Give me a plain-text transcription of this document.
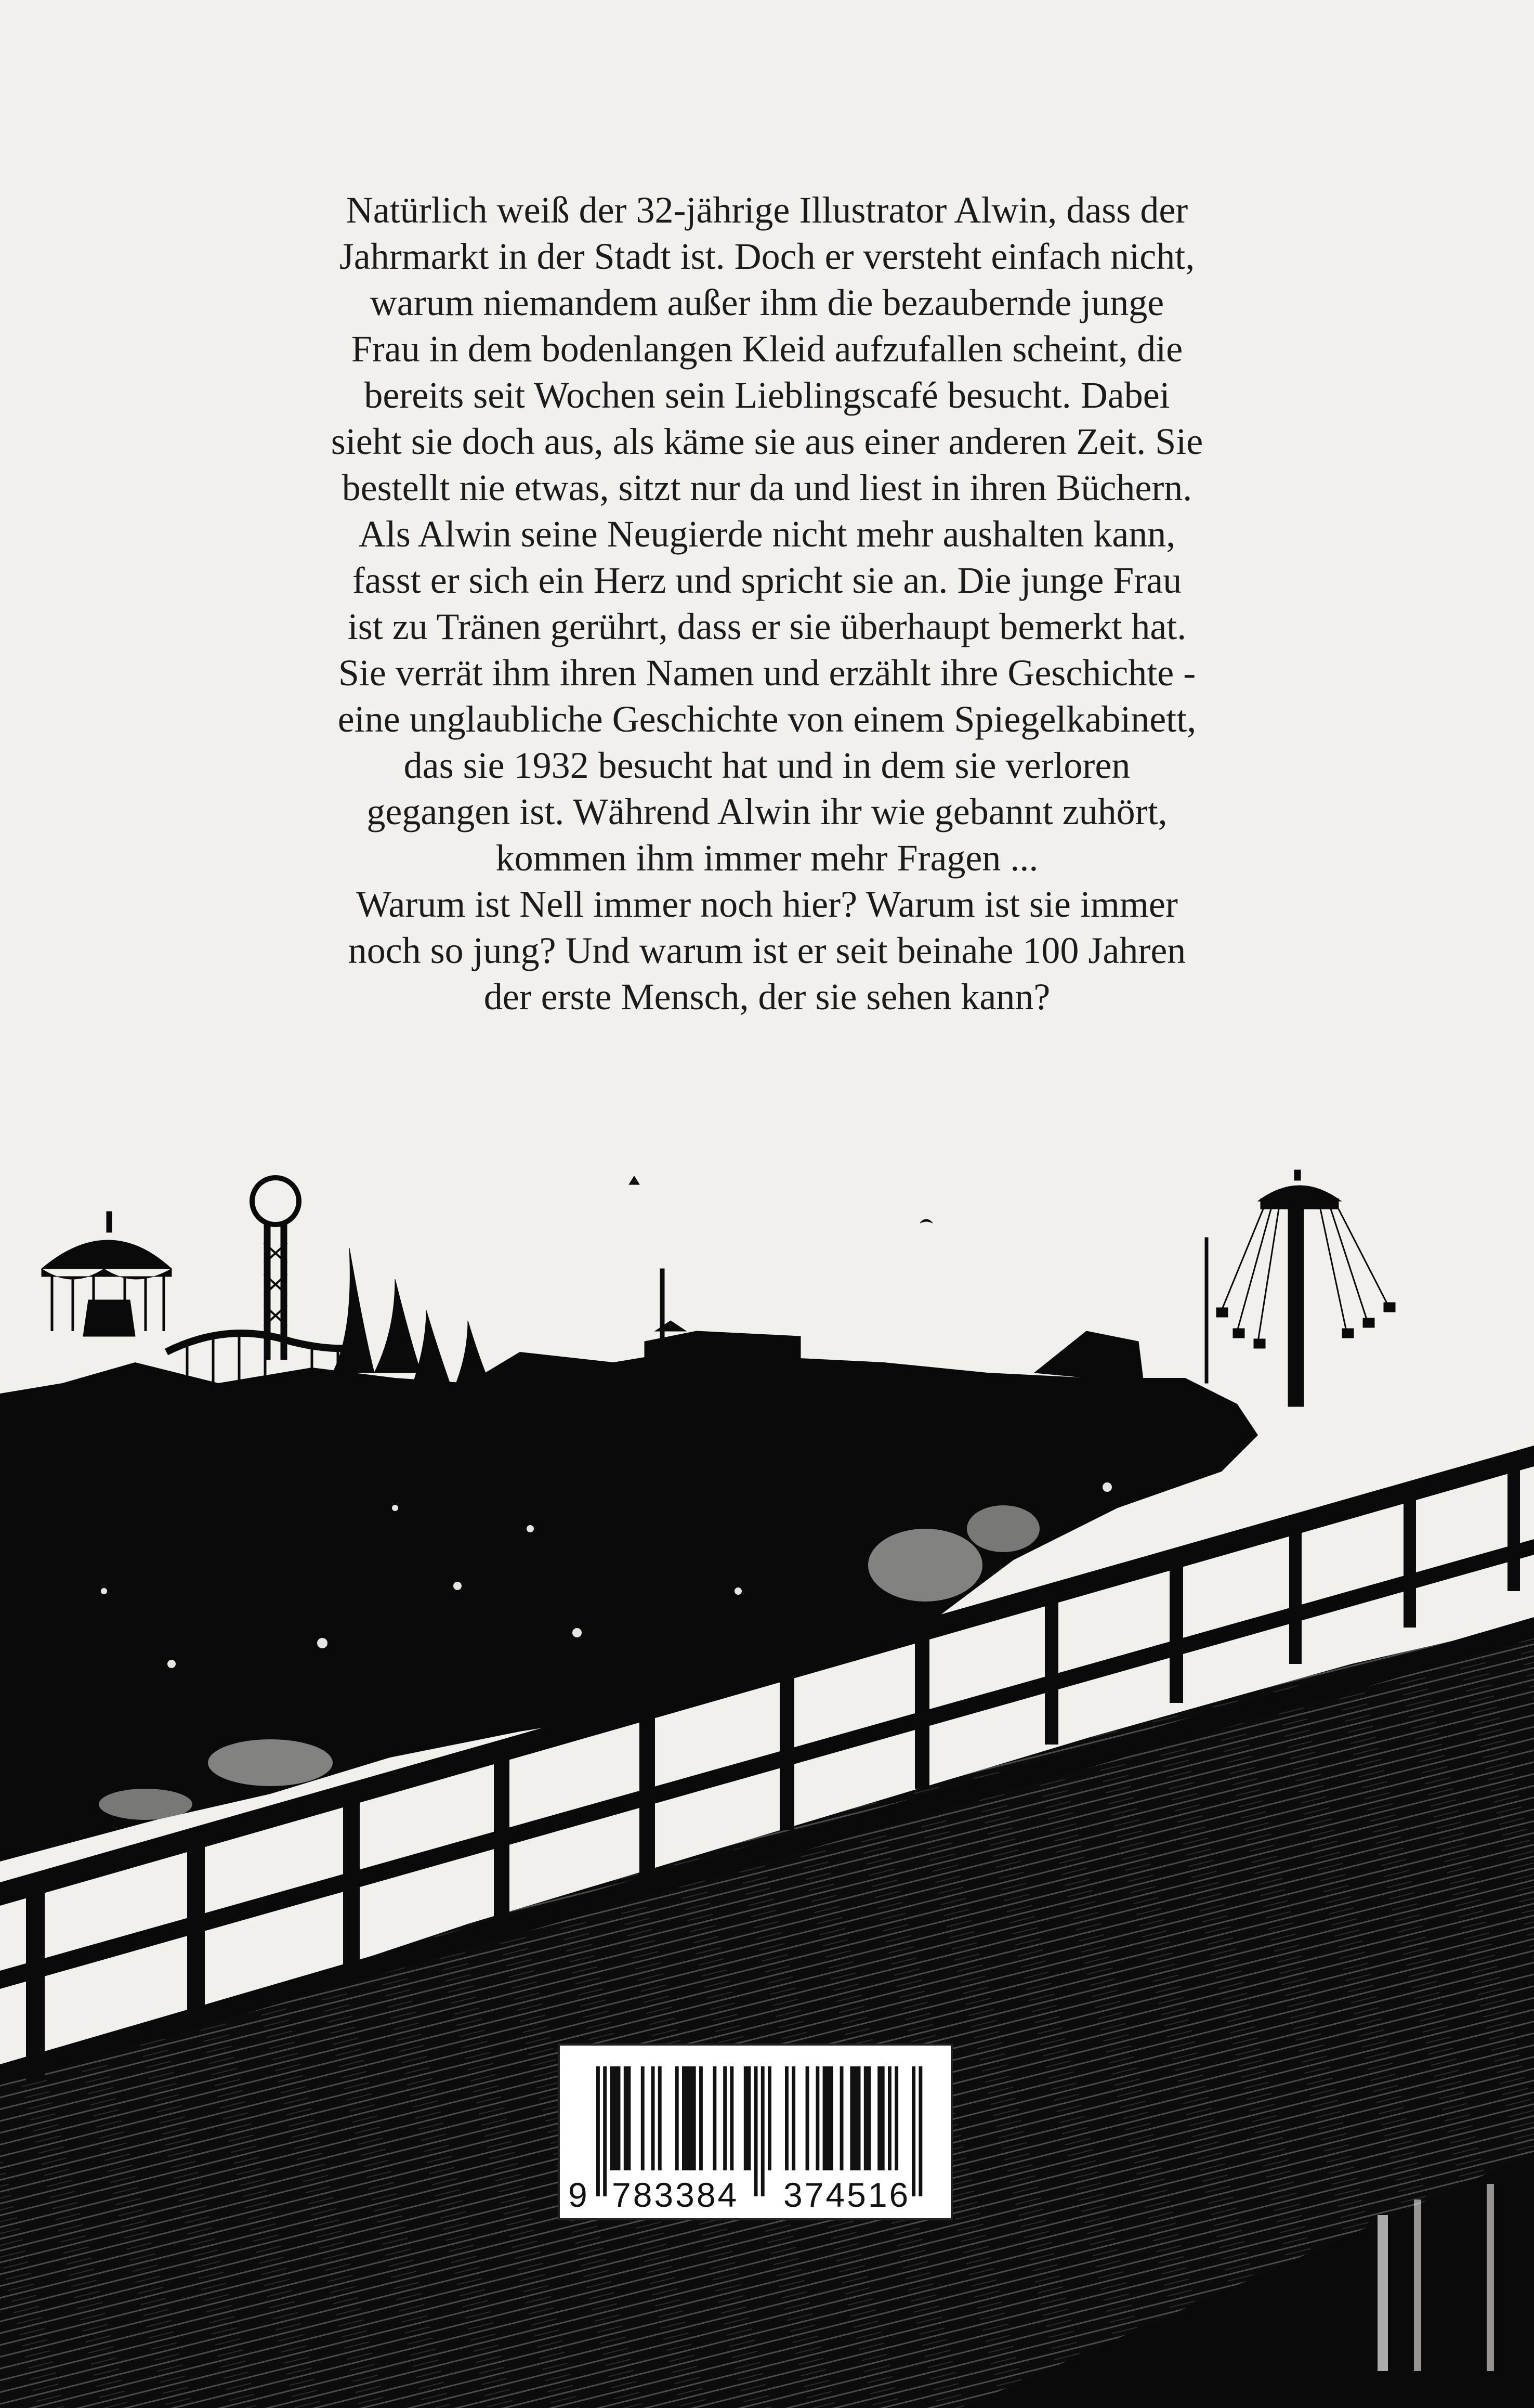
Natürlich weiß der 32-jährige Illustrator Alwin, dass der

Jahrmarkt in der Stadt ist. Doch er versteht einfach nicht,

warum niemandem außer ihm die bezaubernde junge

Frau in dem bodenlangen Kleid aufzufallen scheint, die

bereits seit Wochen sein Lieblingscafé besucht. Dabei

sieht sie doch aus, als käme sie aus einer anderen Zeit. Sie

bestellt nie etwas, sitzt nur da und liest in ihren Büchern.

Als Alwin seine Neugierde nicht mehr aushalten kann,

fasst er sich ein Herz und spricht sie an. Die junge Frau

ist zu Tränen gerührt, dass er sie überhaupt bemerkt hat.

Sie verrät ihm ihren Namen und erzählt ihre Geschichte -

eine unglaubliche Geschichte von einem Spiegelkabinett,

das sie 1932 besucht hat und in dem sie verloren

gegangen ist. Während Alwin ihr wie gebannt zuhört,

kommen ihm immer mehr Fragen ...

Warum ist Nell immer noch hier? Warum ist sie immer

noch so jung? Und warum ist er seit beinahe 100 Jahren

der erste Mensch, der sie sehen kann?

9 783384 374516
